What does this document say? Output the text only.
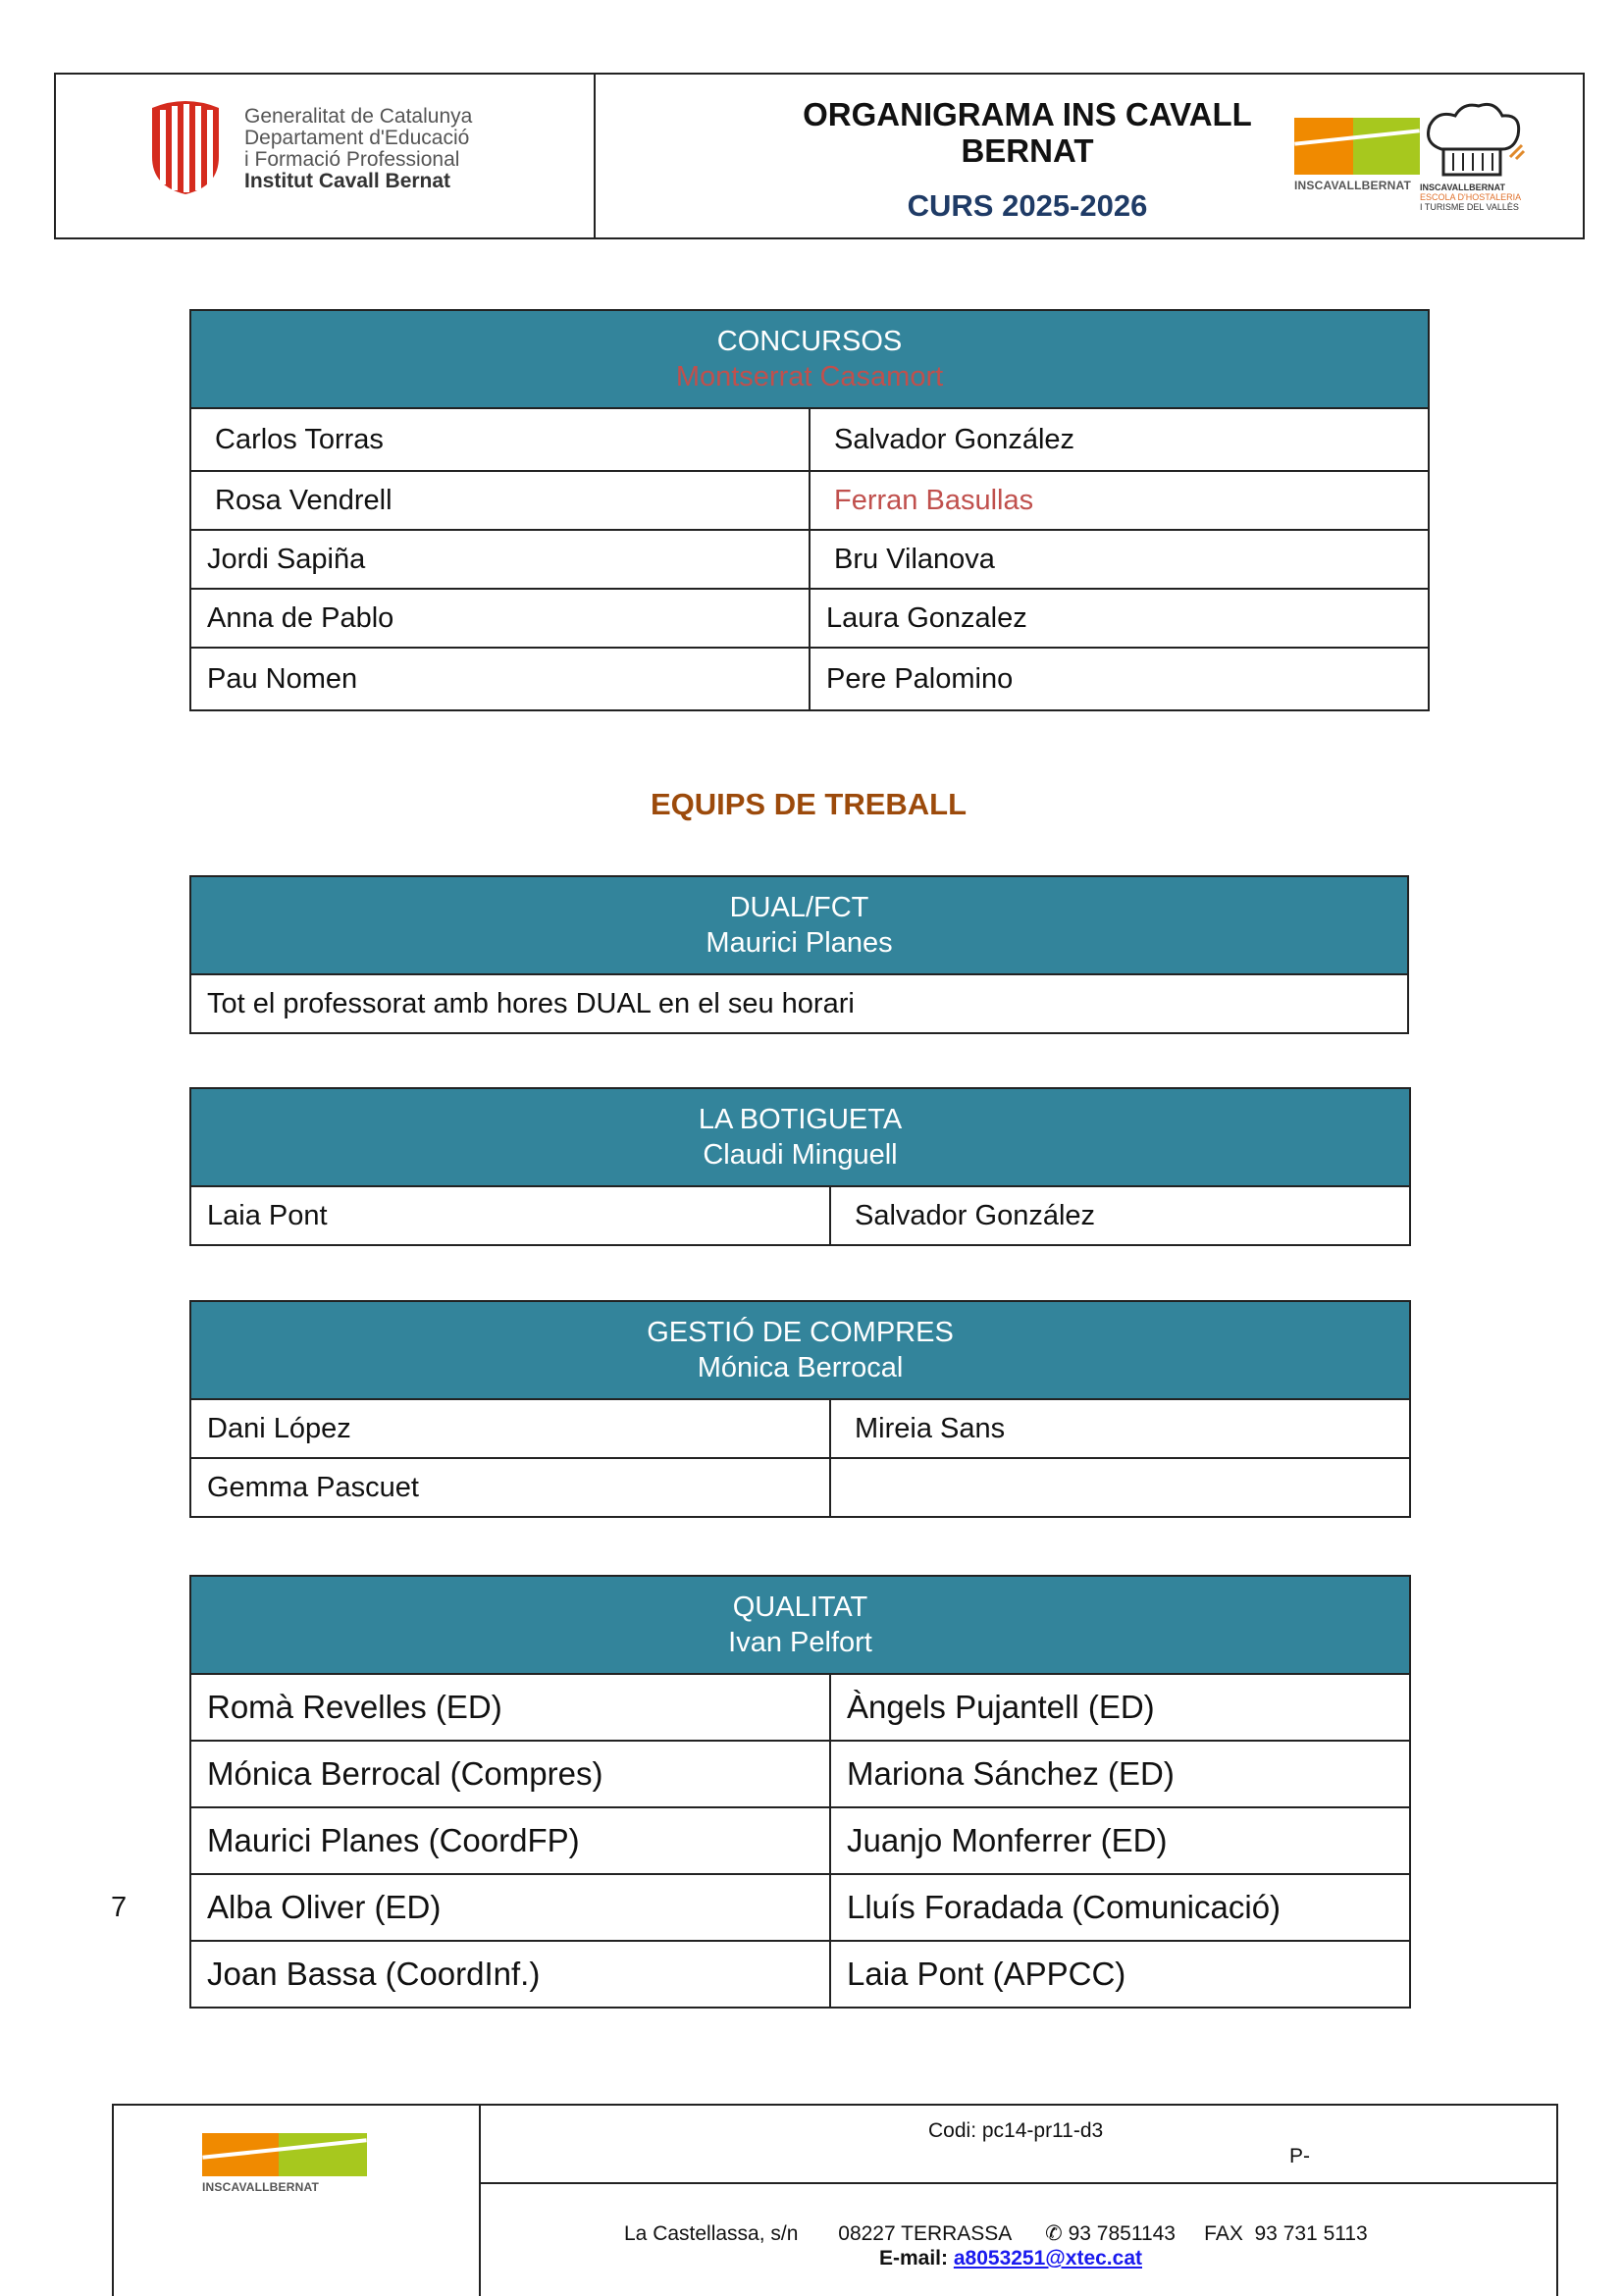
Generalitat de Catalunya
Departament d'Educació
i Formació Professional
Institut Cavall Bernat
ORGANIGRAMA INS CAVALL
BERNAT
CURS 2025-2026
INSCAVALLBERNAT	INSCAVALLBERNAT
ESCOLA D'HOSTALERIA
I TURISME DEL VALLÈS
CONCURSOS
Montserrat Casamort	

Carlos Torras	Salvador González
Rosa Vendrell	Ferran Basullas
Jordi Sapiña	Bru Vilanova
Anna de Pablo	Laura Gonzalez
Pau Nomen	Pere Palomino
EQUIPS DE TREBALL
DUAL/FCT
Maurici Planes

Tot el professorat amb hores DUAL en el seu horari
LA BOTIGUETA
Claudi Minguell

Laia Pont	Salvador González
GESTIÓ DE COMPRES
Mónica Berrocal	

Dani López	Mireia Sans
Gemma Pascuet	
QUALITAT
Ivan Pelfort	

Romà Revelles (ED)	Àngels Pujantell (ED)
Mónica Berrocal (Compres)	Mariona Sánchez (ED)
Maurici Planes (CoordFP)	Juanjo Monferrer (ED)
Alba Oliver (ED)	Lluís Foradada (Comunicació)
Joan Bassa (CoordInf.)	Laia Pont (APPCC)
7
INSCAVALLBERNAT
Codi: pc14-pr11-d3
P-
La Castellassa, s/n       08227 TERRASSA      ✆ 93 7851143     FAX  93 731 5113
E-mail: a8053251@xtec.cat
